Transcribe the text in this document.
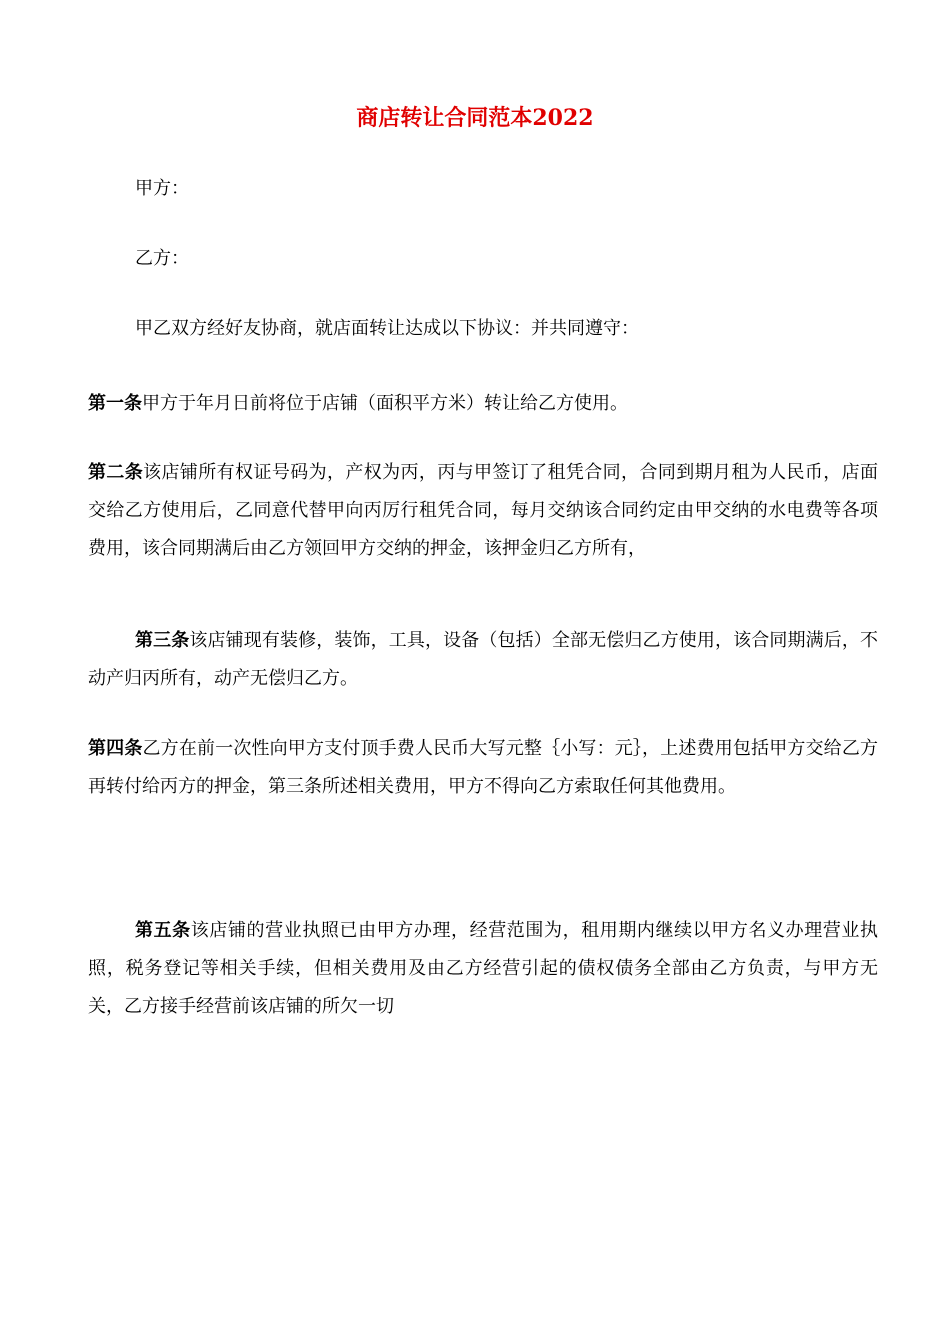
商店转让合同范本2022

甲方：

乙方：

甲乙双方经好友协商，就店面转让达成以下协议：并共同遵守：

第一条甲方于年月日前将位于店铺（面积平方米）转让给乙方使用。

第二条该店铺所有权证号码为，产权为丙，丙与甲签订了租凭合同，合同到期月租为人民币，店面交给乙方使用后，乙同意代替甲向丙厉行租凭合同，每月交纳该合同约定由甲交纳的水电费等各项费用，该合同期满后由乙方领回甲方交纳的押金，该押金归乙方所有，

第三条该店铺现有装修，装饰，工具，设备（包括）全部无偿归乙方使用，该合同期满后，不动产归丙所有，动产无偿归乙方。

第四条乙方在前一次性向甲方支付顶手费人民币大写元整｛小写：元｝，上述费用包括甲方交给乙方再转付给丙方的押金，第三条所述相关费用，甲方不得向乙方索取任何其他费用。

第五条该店铺的营业执照已由甲方办理，经营范围为，租用期内继续以甲方名义办理营业执照，税务登记等相关手续，但相关费用及由乙方经营引起的债权债务全部由乙方负责，与甲方无关，乙方接手经营前该店铺的所欠一切
